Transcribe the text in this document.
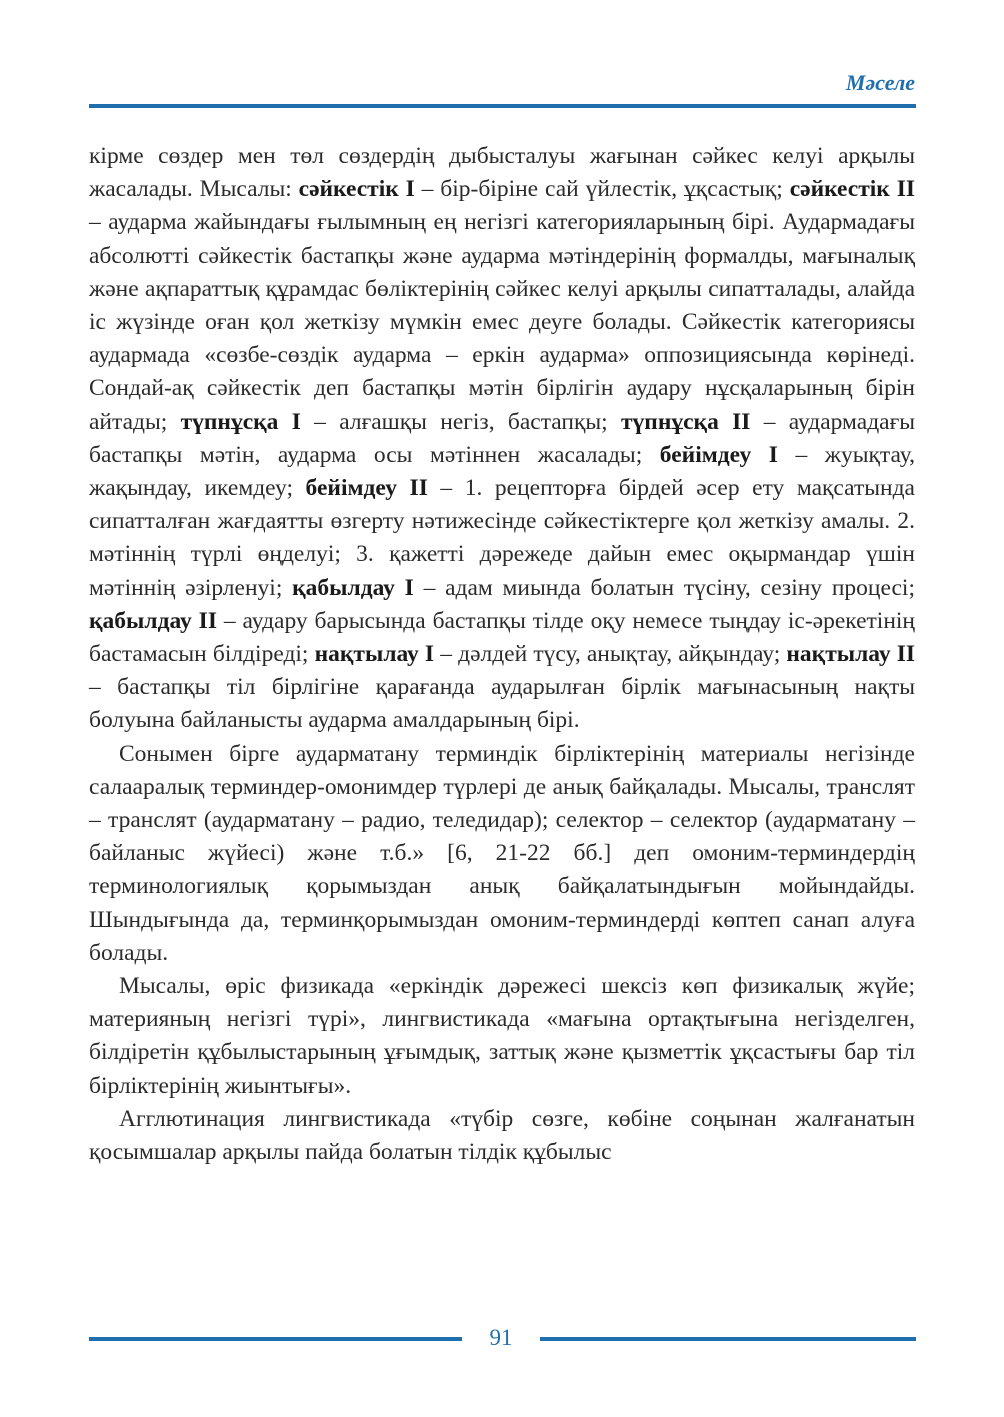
Мәселе

кірме сөздер мен төл сөздердің дыбысталуы жағынан сәйкес келуі арқылы жасалады. Мысалы: сәйкестік І – бір-біріне сай үйлестік, ұқсастық; сәйкестік ІІ – аударма жайындағы ғылымның ең негізгі категорияларының бірі. Аудармадағы абсолютті сәйкестік бастапқы және аударма мәтіндерінің формалды, мағыналық және ақпараттық құрамдас бөліктерінің сәйкес келуі арқылы сипатталады, алайда іс жүзінде оған қол жеткізу мүмкін емес деуге болады. Сәйкестік категориясы аудармада «сөзбе-сөздік аударма – еркін аударма» оппозициясында көрінеді. Сондай-ақ сәйкестік деп бастапқы мәтін бірлігін аудару нұсқаларының бірін айтады; түпнұсқа І – алғашқы негіз, бастапқы; түпнұсқа ІІ – аудармадағы бастапқы мәтін, аударма осы мәтіннен жасалады; бейімдеу І – жуықтау, жақындау, икемдеу; бейімдеу ІІ – 1. рецепторға бірдей әсер ету мақсатында сипатталған жағдаятты өзгерту нәтижесінде сәйкестіктерге қол жеткізу амалы. 2. мәтіннің түрлі өңделуі; 3. қажетті дәрежеде дайын емес оқырмандар үшін мәтіннің әзірленуі; қабылдау І – адам миында болатын түсіну, сезіну процесі; қабылдау ІІ – аудару барысында бастапқы тілде оқу немесе тыңдау іс-әрекетінің бастамасын білдіреді; нақтылау І – дәлдей түсу, анықтау, айқындау; нақтылау ІІ – бастапқы тіл бірлігіне қарағанда аударылған бірлік мағынасының нақты болуына байланысты аударма амалдарының бірі.

Сонымен бірге аударматану терминдік бірліктерінің материалы негізінде салааралық терминдер-омонимдер түрлері де анық байқалады. Мысалы, транслят – транслят (аударматану – радио, теледидар); селектор – селектор (аударматану – байланыс жүйесі) және т.б.» [6, 21-22 бб.] деп омоним-терминдердің терминологиялық қорымыздан анық байқалатындығын мойындайды. Шындығында да, терминқорымыздан омоним-терминдерді көптеп санап алуға болады.

Мысалы, өріс физикада «еркіндік дәрежесі шексіз көп физикалық жүйе; материяның негізгі түрі», лингвистикада «мағына ортақтығына негізделген, білдіретін құбылыстарының ұғымдық, заттық және қызметтік ұқсастығы бар тіл бірліктерінің жиынтығы».

Агглютинация лингвистикада «түбір сөзге, көбіне соңынан жалғанатын қосымшалар арқылы пайда болатын тілдік құбылыс

91
